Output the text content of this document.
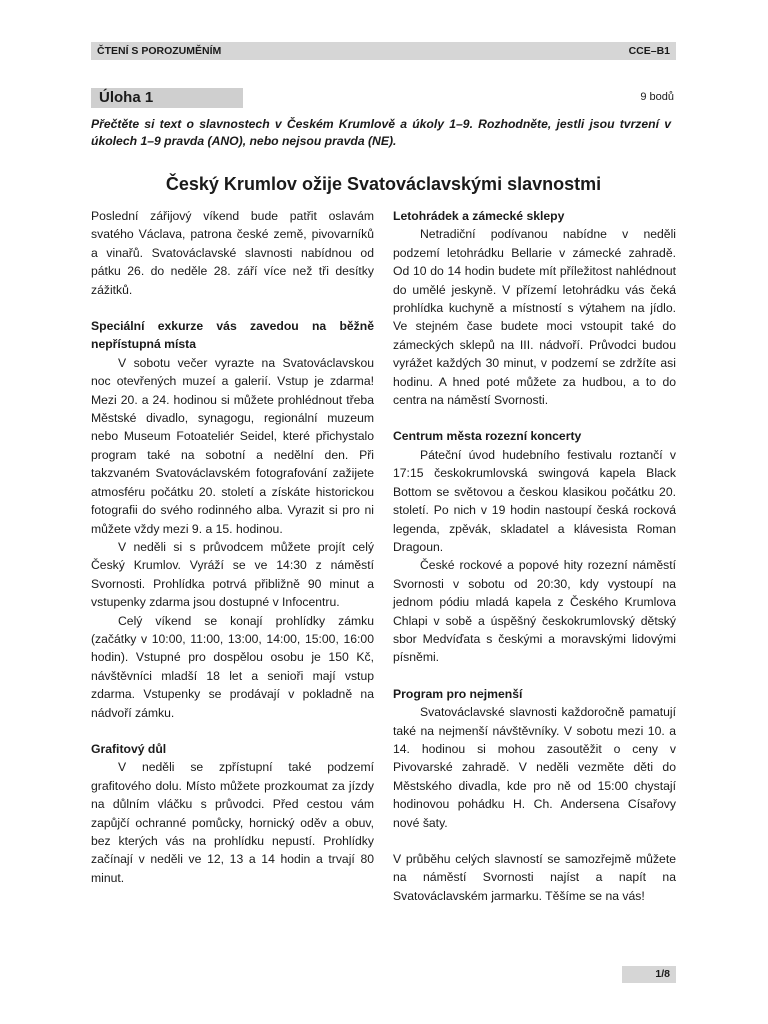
ČTENÍ S POROZUMĚNÍM	CCE–B1
Úloha 1	9 bodů
Přečtěte si text o slavnostech v Českém Krumlově a úkoly 1–9. Rozhodněte, jestli jsou tvrzení v úkolech 1–9 pravda (ANO), nebo nejsou pravda (NE).
Český Krumlov ožije Svatováclavskými slavnostmi

Poslední zářijový víkend bude patřit oslavám svatého Václava, patrona české země, pivovarníků a vinařů. Svatováclavské slavnosti nabídnou od pátku 26. do neděle 28. září více než tři desítky zážitků.

Speciální exkurze vás zavedou na běžně nepřístupná místa

V sobotu večer vyrazte na Svatováclavskou noc otevřených muzeí a galerií. Vstup je zdarma! Mezi 20. a 24. hodinou si můžete prohlédnout třeba Městské divadlo, synagogu, regionální muzeum nebo Museum Fotoateliér Seidel, které přichystalo program také na sobotní a nedělní den. Při takzvaném Svatováclavském fotografování zažijete atmosféru počátku 20. století a získáte historickou fotografii do svého rodinného alba. Vyrazit si pro ni můžete vždy mezi 9. a 15. hodinou.

V neděli si s průvodcem můžete projít celý Český Krumlov. Vyráží se ve 14:30 z náměstí Svornosti. Prohlídka potrvá přibližně 90 minut a vstupenky zdarma jsou dostupné v Infocentru.

Celý víkend se konají prohlídky zámku (začátky v 10:00, 11:00, 13:00, 14:00, 15:00, 16:00 hodin). Vstupné pro dospělou osobu je 150 Kč, návštěvníci mladší 18 let a senioři mají vstup zdarma. Vstupenky se prodávají v pokladně na nádvoří zámku.

Grafitový důl

V neděli se zpřístupní také podzemí grafitového dolu. Místo můžete prozkoumat za jízdy na důlním vláčku s průvodci. Před cestou vám zapůjčí ochranné pomůcky, hornický oděv a obuv, bez kterých vás na prohlídku nepustí. Prohlídky začínají v neděli ve 12, 13 a 14 hodin a trvají 80 minut.

Letohrádek a zámecké sklepy

Netradiční podívanou nabídne v neděli podzemí letohrádku Bellarie v zámecké zahradě. Od 10 do 14 hodin budete mít příležitost nahlédnout do umělé jeskyně. V přízemí letohrádku vás čeká prohlídka kuchyně a místností s výtahem na jídlo. Ve stejném čase budete moci vstoupit také do zámeckých sklepů na III. nádvoří. Průvodci budou vyrážet každých 30 minut, v podzemí se zdržíte asi hodinu. A hned poté můžete za hudbou, a to do centra na náměstí Svornosti.

Centrum města rozezní koncerty

Páteční úvod hudebního festivalu roztančí v 17:15 českokrumlovská swingová kapela Black Bottom se světovou a českou klasikou počátku 20. století. Po nich v 19 hodin nastoupí česká rocková legenda, zpěvák, skladatel a klávesista Roman Dragoun.

České rockové a popové hity rozezní náměstí Svornosti v sobotu od 20:30, kdy vystoupí na jednom pódiu mladá kapela z Českého Krumlova Chlapi v sobě a úspěšný českokrumlovský dětský sbor Medvíďata s českými a moravskými lidovými písněmi.

Program pro nejmenší

Svatováclavské slavnosti každoročně pamatují také na nejmenší návštěvníky. V sobotu mezi 10. a 14. hodinou si mohou zasoutěžit o ceny v Pivovarské zahradě. V neděli vezměte děti do Městského divadla, kde pro ně od 15:00 chystají hodinovou pohádku H. Ch. Andersena Císařovy nové šaty.

V průběhu celých slavností se samozřejmě můžete na náměstí Svornosti najíst a napít na Svatováclavském jarmarku. Těšíme se na vás!

1/8
